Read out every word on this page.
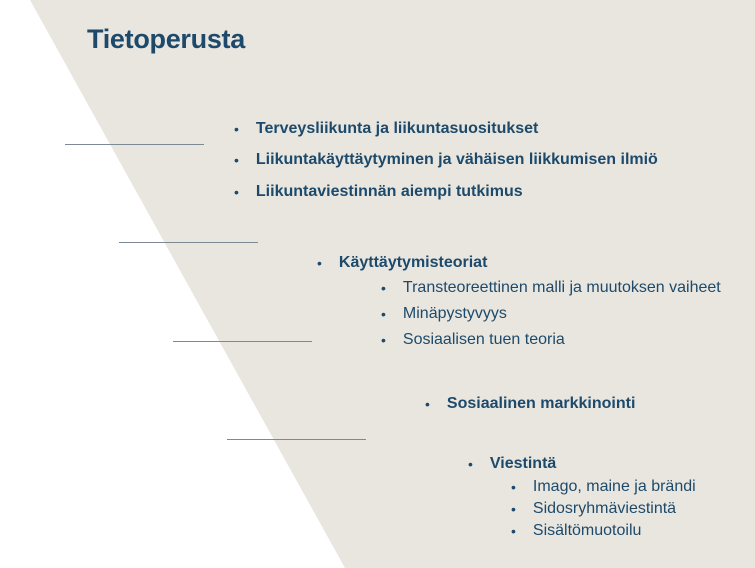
Tietoperusta
• Terveysliikunta ja liikuntasuositukset
• Liikuntakäyttäytyminen ja vähäisen liikkumisen ilmiö
• Liikuntaviestinnän aiempi tutkimus
• Käyttäytymisteoriat
• Transteoreettinen malli ja muutoksen vaiheet
• Minäpystyvyys
• Sosiaalisen tuen teoria
• Sosiaalinen markkinointi
• Viestintä
• Imago, maine ja brändi
• Sidosryhmäviestintä
• Sisältömuotoilu
